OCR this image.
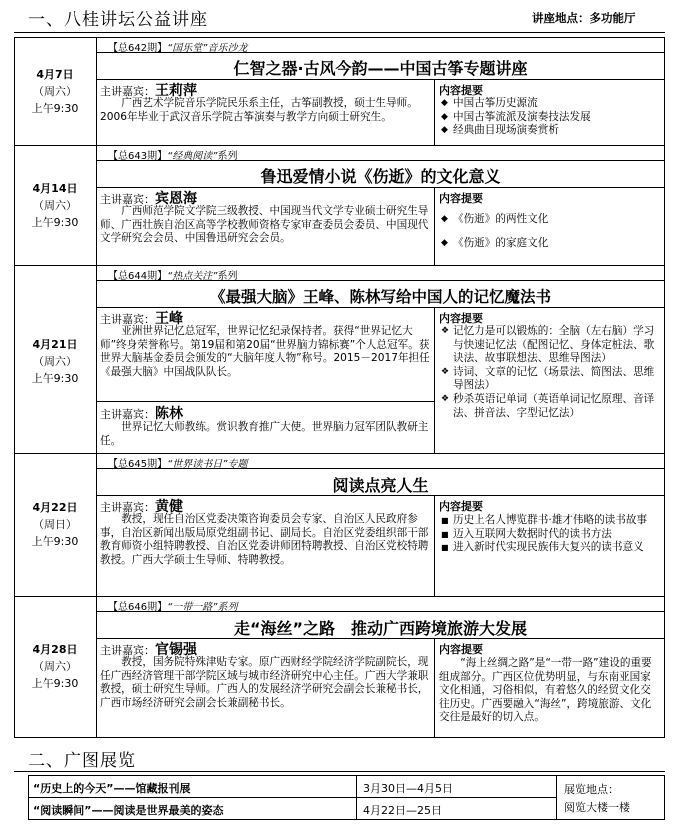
一、八桂讲坛公益讲座	讲座地点：多功能厅
4月7日
（周六）
上午9:30
【总642期】“国乐堂”音乐沙龙
仁智之器·古风今韵——中国古筝专题讲座
主讲嘉宾：王莉萍
广西艺术学院音乐学院民乐系主任，古筝副教授，硕士生导师。2006年毕业于武汉音乐学院古筝演奏与教学方向硕士研究生。
内容提要
◆ 中国古筝历史源流
◆ 中国古筝流派及演奏技法发展
◆ 经典曲目现场演奏赏析
4月14日
（周六）
上午9:30
【总643期】“经典阅读”系列
鲁迅爱情小说《伤逝》的文化意义
主讲嘉宾：宾恩海
广西师范学院文学院三级教授、中国现当代文学专业硕士研究生导师、广西壮族自治区高等学校教师资格专家审查委员会委员、中国现代文学研究会会员、中国鲁迅研究会会员。
内容提要
◆ 《伤逝》的两性文化
◆ 《伤逝》的家庭文化
4月21日
（周六）
上午9:30
【总644期】“热点关注”系列
《最强大脑》王峰、陈林写给中国人的记忆魔法书
主讲嘉宾：王峰
亚洲世界记忆总冠军，世界记忆纪录保持者。获得“世界记忆大师”终身荣誉称号。第19届和第20届“世界脑力锦标赛”个人总冠军。获世界大脑基金委员会颁发的“大脑年度人物”称号。2015－2017年担任《最强大脑》中国战队队长。
主讲嘉宾：陈林
世界记忆大师教练。赏识教育推广大使。世界脑力冠军团队教研主任。
内容提要
❖ 记忆力是可以锻炼的：全脑（左右脑）学习与快速记忆法（配图记忆、身体定桩法、歌诀法、故事联想法、思维导图法）
❖ 诗词、文章的记忆（场景法、简图法、思维导图法）
❖ 秒杀英语记单词（英语单词记忆原理、音译法、拼音法、字型记忆法）
4月22日
（周日）
上午9:30
【总645期】“世界读书日”专题
阅读点亮人生
主讲嘉宾：黄健
教授，现任自治区党委决策咨询委员会专家、自治区人民政府参事，自治区新闻出版局原党组副书记、副局长。自治区党委组织部干部教育师资小组特聘教授、自治区党委讲师团特聘教授、自治区党校特聘教授。广西大学硕士生导师、特聘教授。
内容提要
■ 历史上名人博览群书·雄才伟略的读书故事
■ 迈入互联网大数据时代的读书方法
■ 进入新时代实现民族伟大复兴的读书意义
4月28日
（周六）
上午9:30
【总646期】“一带一路”系列
走“海丝”之路　推动广西跨境旅游大发展
主讲嘉宾：官锡强
教授，国务院特殊津贴专家。原广西财经学院经济学院副院长，现任广西经济管理干部学院区域与城市经济研究中心主任。广西大学兼职教授，硕士研究生导师。广西人的发展经济学研究会副会长兼秘书长，广西市场经济研究会副会长兼副秘书长。
内容提要
“海上丝绸之路”是“一带一路”建设的重要组成部分。广西区位优势明显，与东南亚国家文化相通，习俗相似，有着悠久的经贸文化交往历史。广西要融入“海丝”，跨境旅游、文化交往是最好的切入点。
二、广图展览
“历史上的今天”——馆藏报刊展	3月30日—4月5日
“阅读瞬间”——阅读是世界最美的姿态	4月22日—25日
展览地点：
阅览大楼一楼
